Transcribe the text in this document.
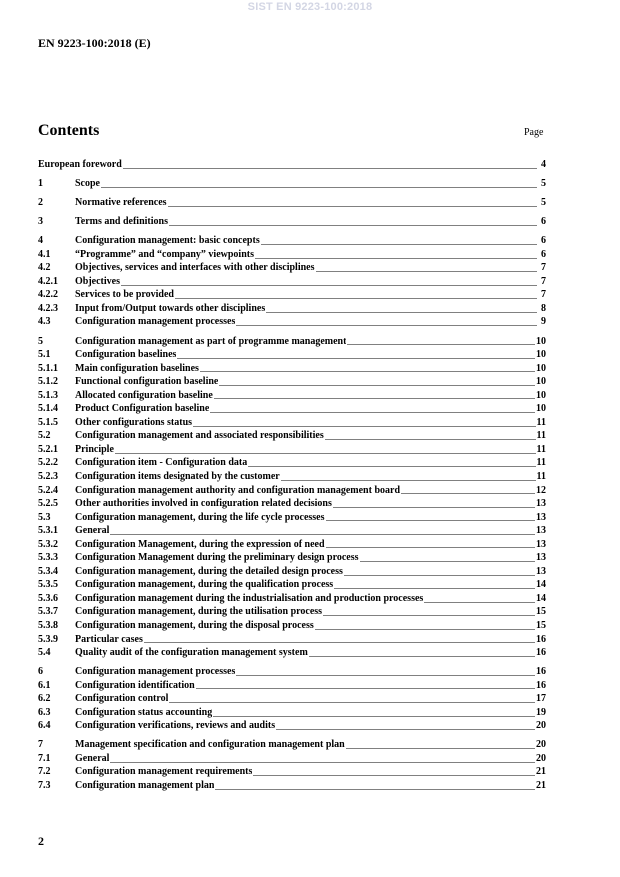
SIST EN 9223-100:2018
EN 9223-100:2018 (E)
Contents	Page
European foreword	4
1	Scope	5
2	Normative references	5
3	Terms and definitions	6
4	Configuration management: basic concepts	6
4.1	“Programme” and “company” viewpoints	6
4.2	Objectives, services and interfaces with other disciplines	7
4.2.1	Objectives	7
4.2.2	Services to be provided	7
4.2.3	Input from/Output towards other disciplines	8
4.3	Configuration management processes	9
5	Configuration management as part of programme management	10
5.1	Configuration baselines	10
5.1.1	Main configuration baselines	10
5.1.2	Functional configuration baseline	10
5.1.3	Allocated configuration baseline	10
5.1.4	Product Configuration baseline	10
5.1.5	Other configurations status	11
5.2	Configuration management and associated responsibilities	11
5.2.1	Principle	11
5.2.2	Configuration item - Configuration data	11
5.2.3	Configuration items designated by the customer	11
5.2.4	Configuration management authority and configuration management board	12
5.2.5	Other authorities involved in configuration related decisions	13
5.3	Configuration management, during the life cycle processes	13
5.3.1	General	13
5.3.2	Configuration Management, during the expression of need	13
5.3.3	Configuration Management during the preliminary design process	13
5.3.4	Configuration management, during the detailed design process	13
5.3.5	Configuration management, during the qualification process	14
5.3.6	Configuration management during the industrialisation and production processes	14
5.3.7	Configuration management, during the utilisation process	15
5.3.8	Configuration management, during the disposal process	15
5.3.9	Particular cases	16
5.4	Quality audit of the configuration management system	16
6	Configuration management processes	16
6.1	Configuration identification	16
6.2	Configuration control	17
6.3	Configuration status accounting	19
6.4	Configuration verifications, reviews and audits	20
7	Management specification and configuration management plan	20
7.1	General	20
7.2	Configuration management requirements	21
7.3	Configuration management plan	21
2
